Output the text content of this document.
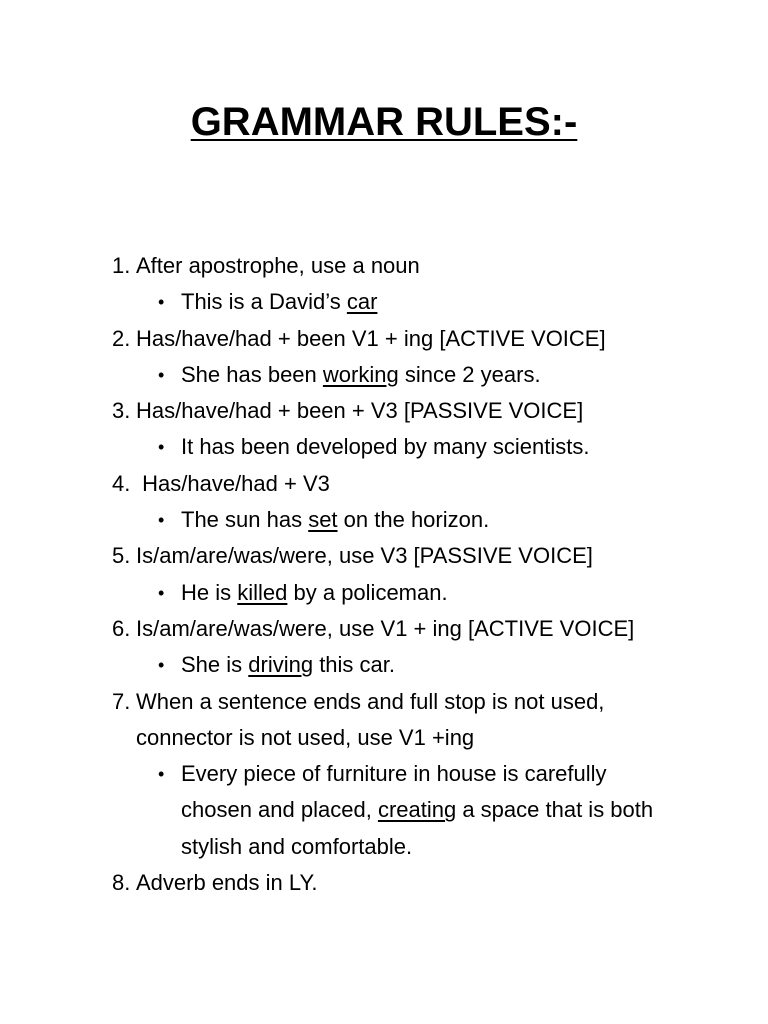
GRAMMAR RULES:-
1. After apostrophe, use a noun
• This is a David’s car
2. Has/have/had + been V1 + ing [ACTIVE VOICE]
• She has been working since 2 years.
3. Has/have/had + been + V3 [PASSIVE VOICE]
• It has been developed by many scientists.
4. Has/have/had + V3
• The sun has set on the horizon.
5. Is/am/are/was/were, use V3 [PASSIVE VOICE]
• He is killed by a policeman.
6. Is/am/are/was/were, use V1 + ing [ACTIVE VOICE]
• She is driving this car.
7. When a sentence ends and full stop is not used, connector is not used, use V1 +ing
• Every piece of furniture in house is carefully chosen and placed, creating a space that is both stylish and comfortable.
8. Adverb ends in LY.
